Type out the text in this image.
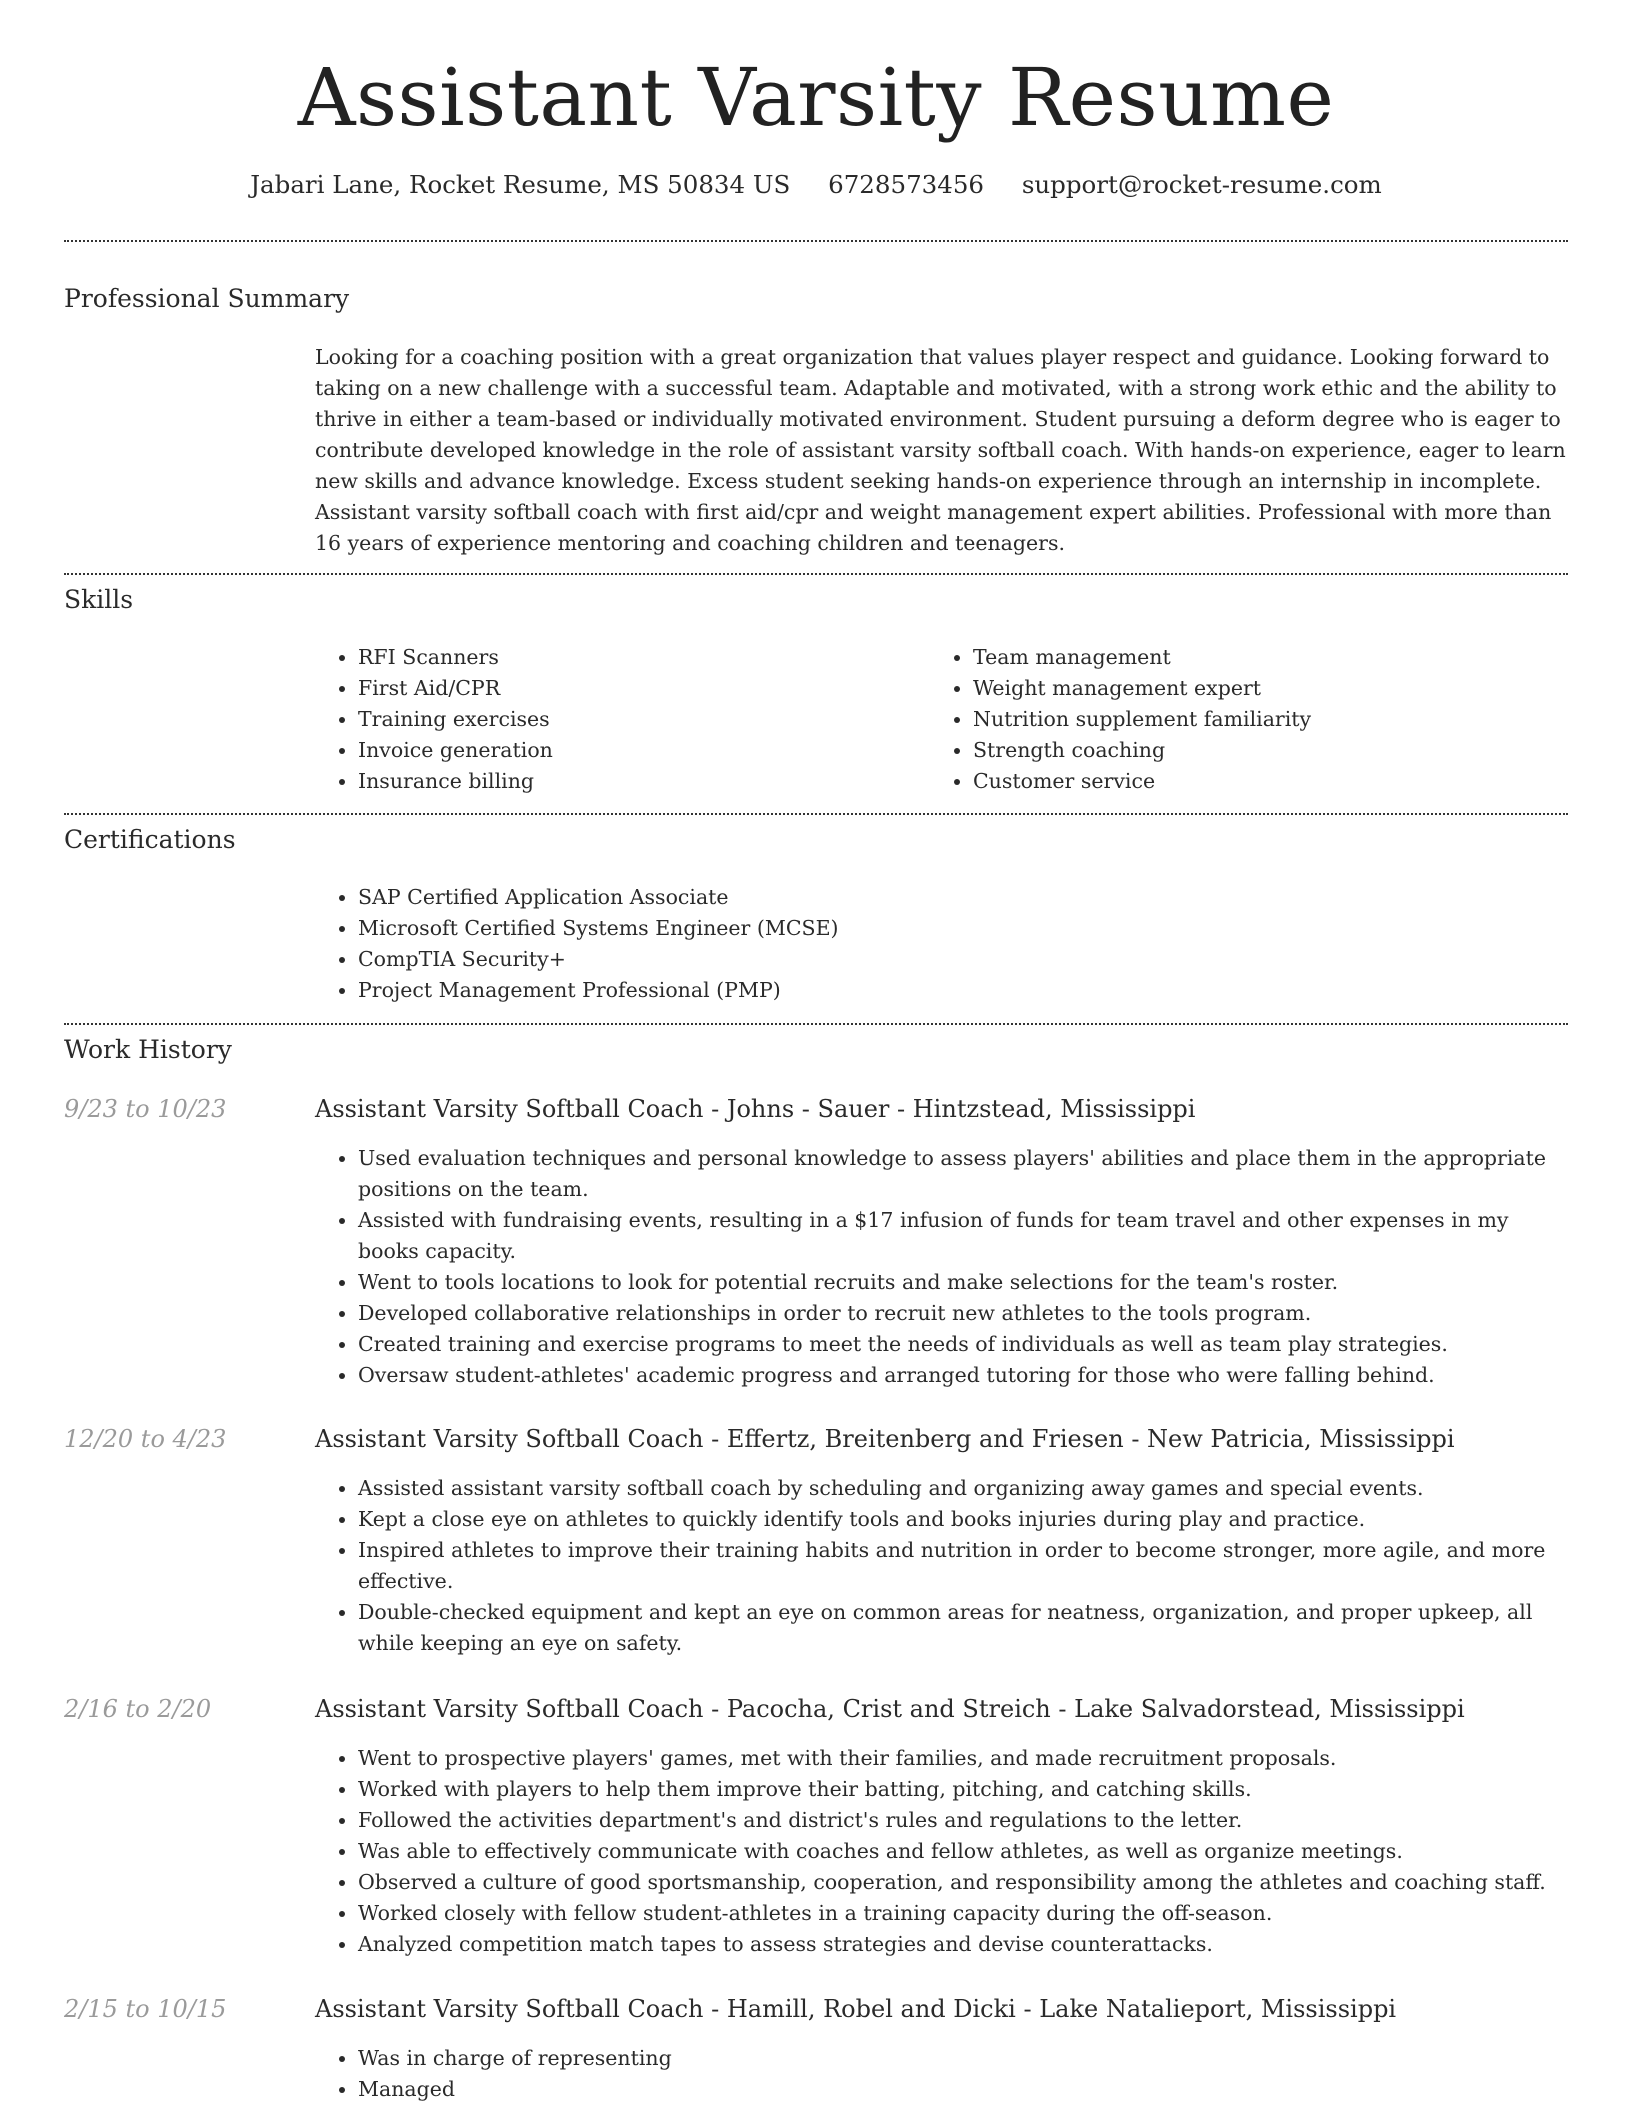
Assistant Varsity Resume
Jabari Lane, Rocket Resume, MS 50834 US 6728573456 support@rocket-resume.com
Professional Summary

Looking for a coaching position with a great organization that values player respect and guidance. Looking forward to taking on a new challenge with a successful team. Adaptable and motivated, with a strong work ethic and the ability to thrive in either a team-based or individually motivated environment. Student pursuing a deform degree who is eager to contribute developed knowledge in the role of assistant varsity softball coach. With hands-on experience, eager to learn new skills and advance knowledge. Excess student seeking hands-on experience through an internship in incomplete. Assistant varsity softball coach with first aid/cpr and weight management expert abilities. Professional with more than 16 years of experience mentoring and coaching children and teenagers.

Skills
• RFI Scanners
• First Aid/CPR
• Training exercises
• Invoice generation
• Insurance billing
• Team management
• Weight management expert
• Nutrition supplement familiarity
• Strength coaching
• Customer service
Certifications
• SAP Certified Application Associate
• Microsoft Certified Systems Engineer (MCSE)
• CompTIA Security+
• Project Management Professional (PMP)
Work History
9/23 to 10/23	Assistant Varsity Softball Coach - Johns - Sauer - Hintzstead, Mississippi
• Used evaluation techniques and personal knowledge to assess players' abilities and place them in the appropriate positions on the team.
• Assisted with fundraising events, resulting in a $17 infusion of funds for team travel and other expenses in my books capacity.
• Went to tools locations to look for potential recruits and make selections for the team's roster.
• Developed collaborative relationships in order to recruit new athletes to the tools program.
• Created training and exercise programs to meet the needs of individuals as well as team play strategies.
• Oversaw student-athletes' academic progress and arranged tutoring for those who were falling behind.
12/20 to 4/23	Assistant Varsity Softball Coach - Effertz, Breitenberg and Friesen - New Patricia, Mississippi
• Assisted assistant varsity softball coach by scheduling and organizing away games and special events.
• Kept a close eye on athletes to quickly identify tools and books injuries during play and practice.
• Inspired athletes to improve their training habits and nutrition in order to become stronger, more agile, and more effective.
• Double-checked equipment and kept an eye on common areas for neatness, organization, and proper upkeep, all while keeping an eye on safety.
2/16 to 2/20	Assistant Varsity Softball Coach - Pacocha, Crist and Streich - Lake Salvadorstead, Mississippi
• Went to prospective players' games, met with their families, and made recruitment proposals.
• Worked with players to help them improve their batting, pitching, and catching skills.
• Followed the activities department's and district's rules and regulations to the letter.
• Was able to effectively communicate with coaches and fellow athletes, as well as organize meetings.
• Observed a culture of good sportsmanship, cooperation, and responsibility among the athletes and coaching staff.
• Worked closely with fellow student-athletes in a training capacity during the off-season.
• Analyzed competition match tapes to assess strategies and devise counterattacks.
2/15 to 10/15	Assistant Varsity Softball Coach - Hamill, Robel and Dicki - Lake Natalieport, Mississippi
• Was in charge of representing
• Managed
